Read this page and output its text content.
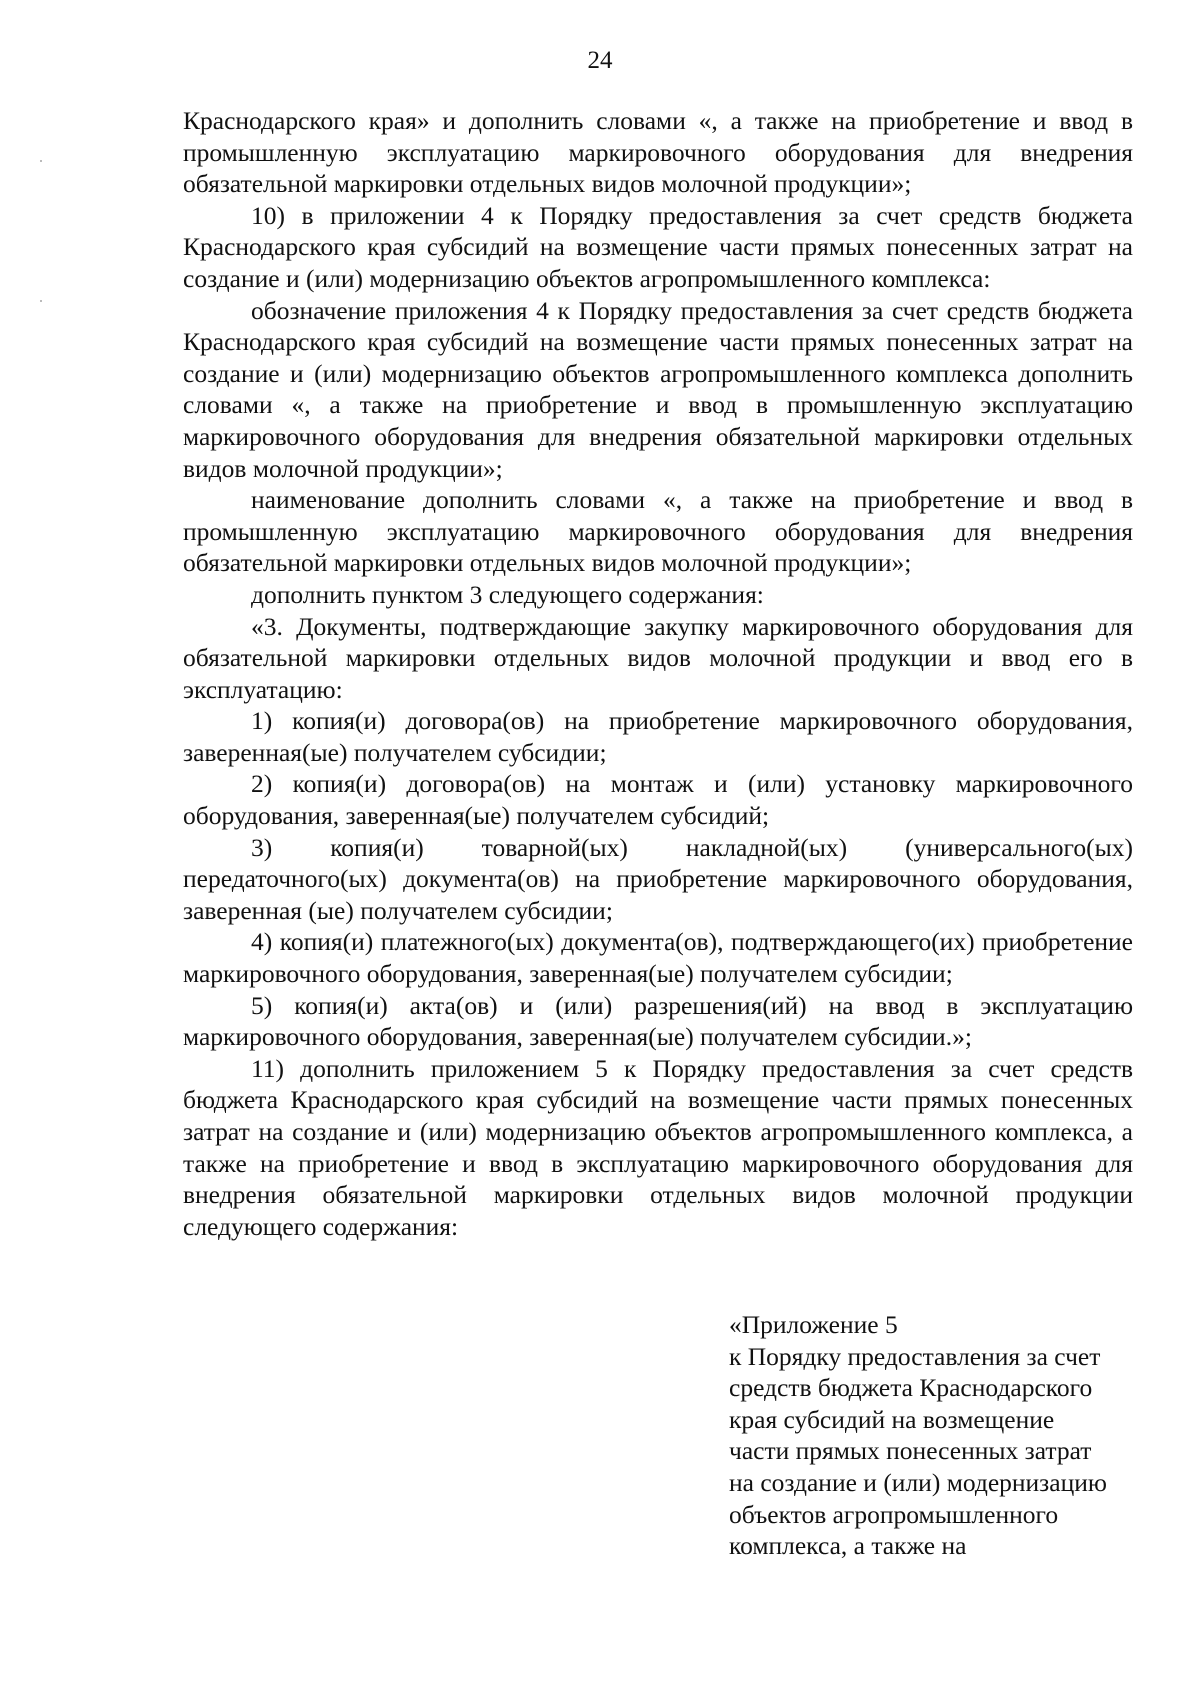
24

Краснодарского края» и дополнить словами «, а также на приобретение и ввод в промышленную эксплуатацию маркировочного оборудования для внедрения обязательной маркировки отдельных видов молочной продукции»;

10) в приложении 4 к Порядку предоставления за счет средств бюджета Краснодарского края субсидий на возмещение части прямых понесенных затрат на создание и (или) модернизацию объектов агропромышленного комплекса:

обозначение приложения 4 к Порядку предоставления за счет средств бюджета Краснодарского края субсидий на возмещение части прямых понесенных затрат на создание и (или) модернизацию объектов агропромышленного комплекса дополнить словами «, а также на приобретение и ввод в промышленную эксплуатацию маркировочного оборудования для внедрения обязательной маркировки отдельных видов молочной продукции»;

наименование дополнить словами «, а также на приобретение и ввод в промышленную эксплуатацию маркировочного оборудования для внедрения обязательной маркировки отдельных видов молочной продукции»;

дополнить пунктом 3 следующего содержания:

«3. Документы, подтверждающие закупку маркировочного оборудования для обязательной маркировки отдельных видов молочной продукции и ввод его в эксплуатацию:

1) копия(и) договора(ов) на приобретение маркировочного оборудования, заверенная(ые) получателем субсидии;

2) копия(и) договора(ов) на монтаж и (или) установку маркировочного оборудования, заверенная(ые) получателем субсидий;

3) копия(и) товарной(ых) накладной(ых) (универсального(ых) передаточного(ых) документа(ов) на приобретение маркировочного оборудования, заверенная (ые) получателем субсидии;

4) копия(и) платежного(ых) документа(ов), подтверждающего(их) приобретение маркировочного оборудования, заверенная(ые) получателем субсидии;

5) копия(и) акта(ов) и (или) разрешения(ий) на ввод в эксплуатацию маркировочного оборудования, заверенная(ые) получателем субсидии.»;

11) дополнить приложением 5 к Порядку предоставления за счет средств бюджета Краснодарского края субсидий на возмещение части прямых понесенных затрат на создание и (или) модернизацию объектов агропромышленного комплекса, а также на приобретение и ввод в эксплуатацию маркировочного оборудования для внедрения обязательной маркировки отдельных видов молочной продукции следующего содержания:

«Приложение 5
к Порядку предоставления за счет
средств бюджета Краснодарского
края субсидий на возмещение
части прямых понесенных затрат
на создание и (или) модернизацию
объектов агропромышленного
комплекса, а также на
